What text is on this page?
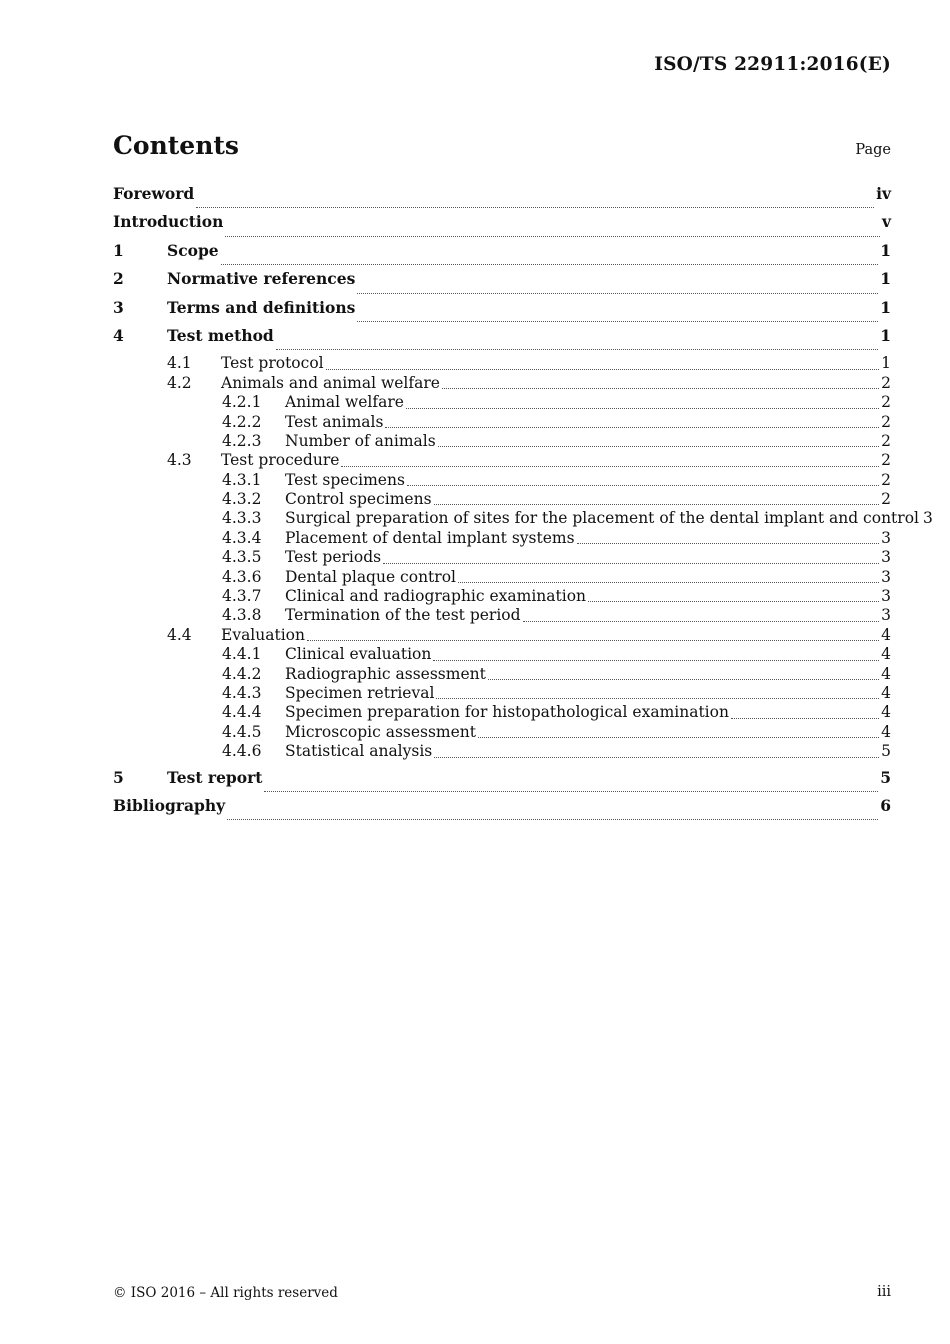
ISO/TS 22911:2016(E)
Contents	Page
Foreword	iv
Introduction	v
1	Scope	1
2	Normative references	1
3	Terms and definitions	1
4	Test method	1
4.1	Test protocol	1
4.2	Animals and animal welfare	2
4.2.1	Animal welfare	2
4.2.2	Test animals	2
4.2.3	Number of animals	2
4.3	Test procedure	2
4.3.1	Test specimens	2
4.3.2	Control specimens	2
4.3.3	Surgical preparation of sites for the placement of the dental implant and control 3
4.3.4	Placement of dental implant systems	3
4.3.5	Test periods	3
4.3.6	Dental plaque control	3
4.3.7	Clinical and radiographic examination	3
4.3.8	Termination of the test period	3
4.4	Evaluation	4
4.4.1	Clinical evaluation	4
4.4.2	Radiographic assessment	4
4.4.3	Specimen retrieval	4
4.4.4	Specimen preparation for histopathological examination	4
4.4.5	Microscopic assessment	4
4.4.6	Statistical analysis	5
5	Test report	5
Bibliography	6
© ISO 2016 – All rights reserved	iii
